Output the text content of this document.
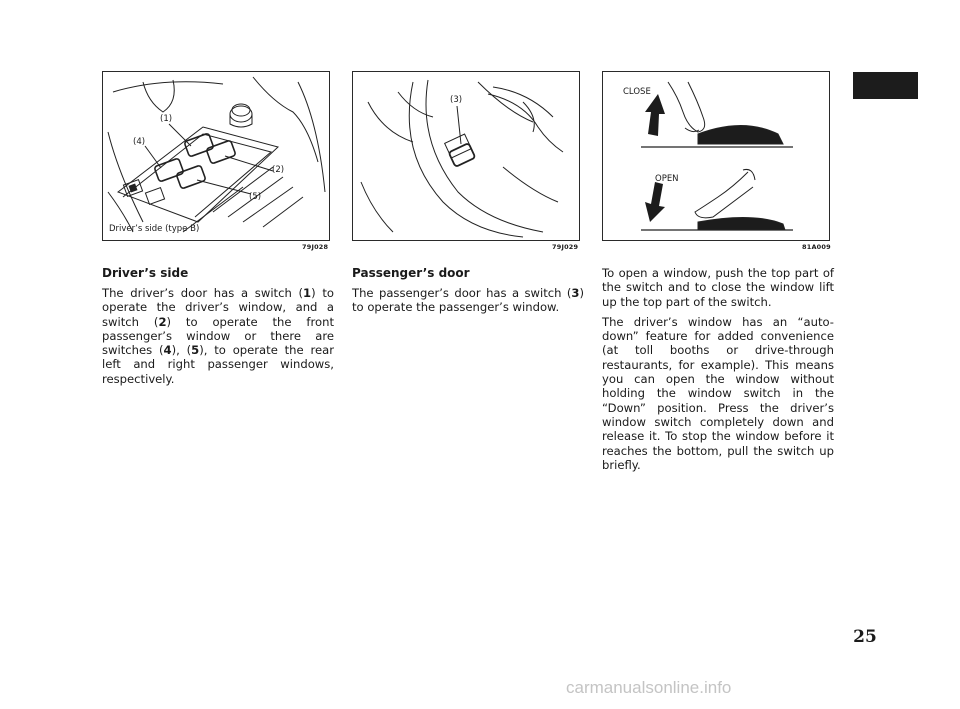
(1)
(4)
(2)
(5)
Driver’s side (type B)
79J028
(3)
79J029
CLOSE
OPEN
81A009
Driver’s side

The driver’s door has a switch (1) to operate the driver’s window, and a switch (2) to operate the front passenger’s window or there are switches (4), (5), to operate the rear left and right passenger windows, respectively.

Passenger’s door

The passenger’s door has a switch (3) to operate the passenger’s window.

To open a window, push the top part of the switch and to close the window lift up the top part of the switch.

The driver’s window has an “auto-down” feature for added convenience (at toll booths or drive-through restaurants, for example). This means you can open the window without holding the window switch in the “Down” position. Press the driver’s window switch completely down and release it. To stop the window before it reaches the bottom, pull the switch up briefly.

25
carmanualsonline.info
